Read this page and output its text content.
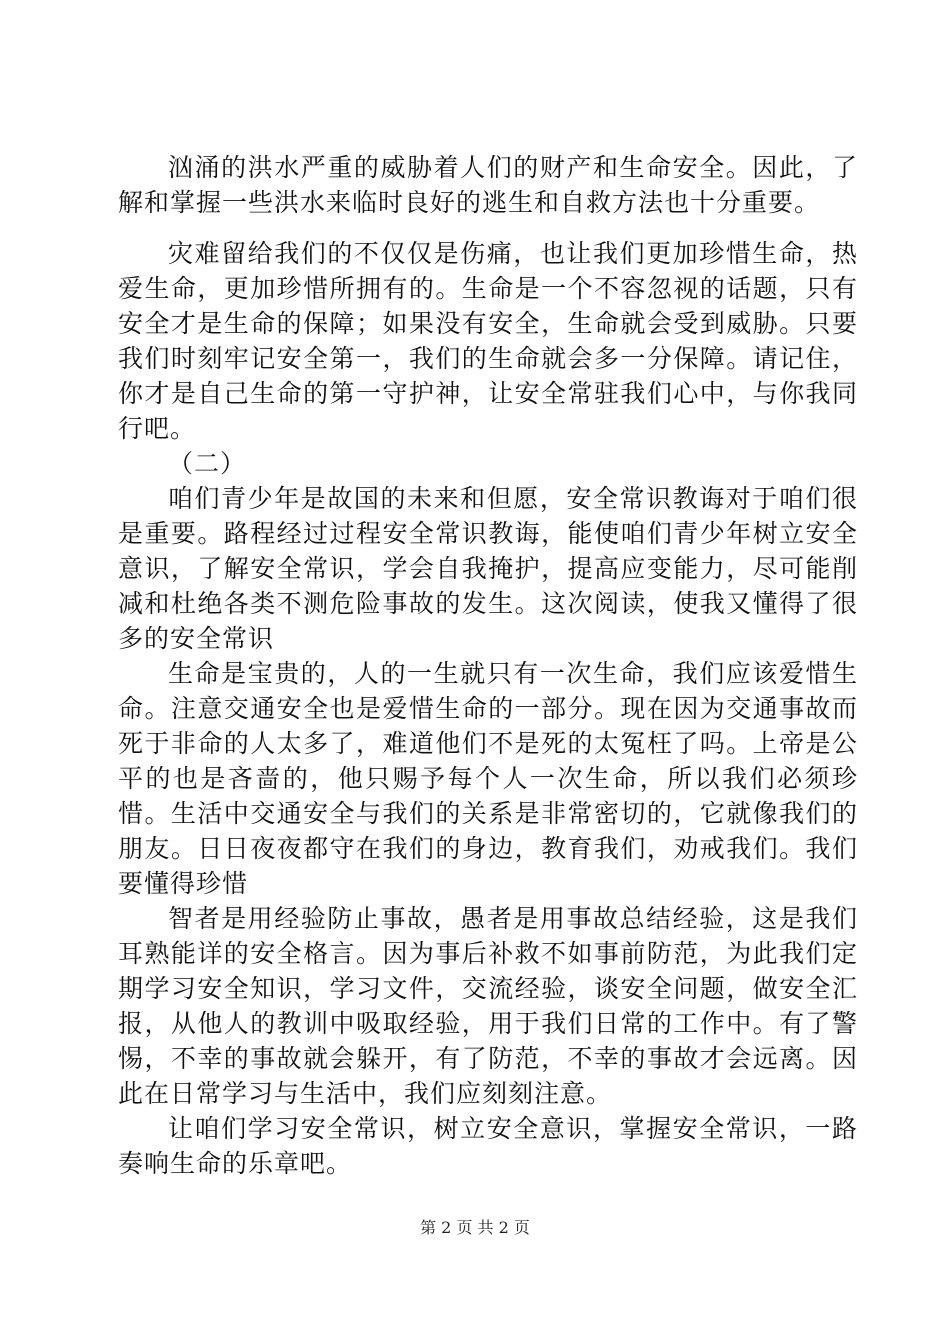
汹涌的洪水严重的威胁着人们的财产和生命安全。因此，了解和掌握一些洪水来临时良好的逃生和自救方法也十分重要。

灾难留给我们的不仅仅是伤痛，也让我们更加珍惜生命，热爱生命，更加珍惜所拥有的。生命是一个不容忽视的话题，只有安全才是生命的保障；如果没有安全，生命就会受到威胁。只要我们时刻牢记安全第一，我们的生命就会多一分保障。请记住，你才是自己生命的第一守护神，让安全常驻我们心中，与你我同行吧。

（二）

咱们青少年是故国的未来和但愿，安全常识教诲对于咱们很是重要。路程经过过程安全常识教诲，能使咱们青少年树立安全意识，了解安全常识，学会自我掩护，提高应变能力，尽可能削减和杜绝各类不测危险事故的发生。这次阅读，使我又懂得了很多的安全常识

生命是宝贵的，人的一生就只有一次生命，我们应该爱惜生命。注意交通安全也是爱惜生命的一部分。现在因为交通事故而死于非命的人太多了，难道他们不是死的太冤枉了吗。上帝是公平的也是吝啬的，他只赐予每个人一次生命，所以我们必须珍惜。生活中交通安全与我们的关系是非常密切的，它就像我们的朋友。日日夜夜都守在我们的身边，教育我们，劝戒我们。我们要懂得珍惜

智者是用经验防止事故，愚者是用事故总结经验，这是我们耳熟能详的安全格言。因为事后补救不如事前防范，为此我们定期学习安全知识，学习文件，交流经验，谈安全问题，做安全汇报，从他人的教训中吸取经验，用于我们日常的工作中。有了警惕，不幸的事故就会躲开，有了防范，不幸的事故才会远离。因此在日常学习与生活中，我们应刻刻注意。

让咱们学习安全常识，树立安全意识，掌握安全常识，一路奏响生命的乐章吧。

第 2 页 共 2 页
